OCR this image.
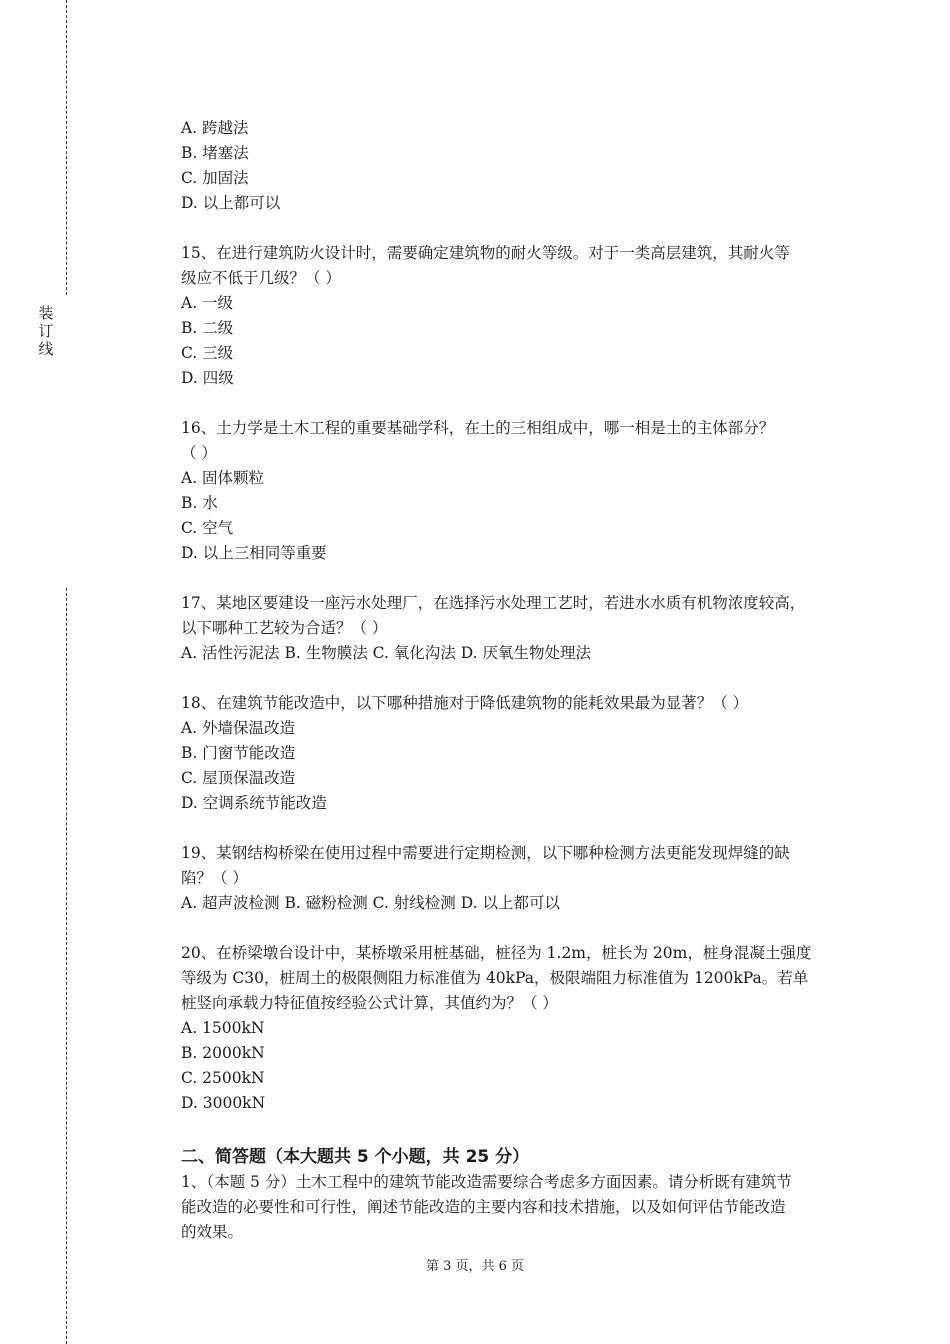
装
订
线

A. 跨越法

B. 堵塞法

C. 加固法

D. 以上都可以

15、在进行建筑防火设计时，需要确定建筑物的耐火等级。对于一类高层建筑，其耐火等

级应不低于几级？（ ）

A. 一级

B. 二级

C. 三级

D. 四级

16、土力学是土木工程的重要基础学科，在土的三相组成中，哪一相是土的主体部分？

（ ）

A. 固体颗粒

B. 水

C. 空气

D. 以上三相同等重要

17、某地区要建设一座污水处理厂，在选择污水处理工艺时，若进水水质有机物浓度较高，

以下哪种工艺较为合适？（ ）

A. 活性污泥法 B. 生物膜法 C. 氧化沟法 D. 厌氧生物处理法

18、在建筑节能改造中，以下哪种措施对于降低建筑物的能耗效果最为显著？（ ）

A. 外墙保温改造

B. 门窗节能改造

C. 屋顶保温改造

D. 空调系统节能改造

19、某钢结构桥梁在使用过程中需要进行定期检测，以下哪种检测方法更能发现焊缝的缺

陷？（ ）

A. 超声波检测 B. 磁粉检测 C. 射线检测 D. 以上都可以

20、在桥梁墩台设计中，某桥墩采用桩基础，桩径为 1.2m，桩长为 20m，桩身混凝土强度

等级为 C30，桩周土的极限侧阻力标准值为 40kPa，极限端阻力标准值为 1200kPa。若单

桩竖向承载力特征值按经验公式计算，其值约为？（ ）

A. 1500kN

B. 2000kN

C. 2500kN

D. 3000kN

二、简答题（本大题共 5 个小题，共 25 分）

1、（本题 5 分）土木工程中的建筑节能改造需要综合考虑多方面因素。请分析既有建筑节

能改造的必要性和可行性，阐述节能改造的主要内容和技术措施，以及如何评估节能改造

的效果。

第 3 页，共 6 页
